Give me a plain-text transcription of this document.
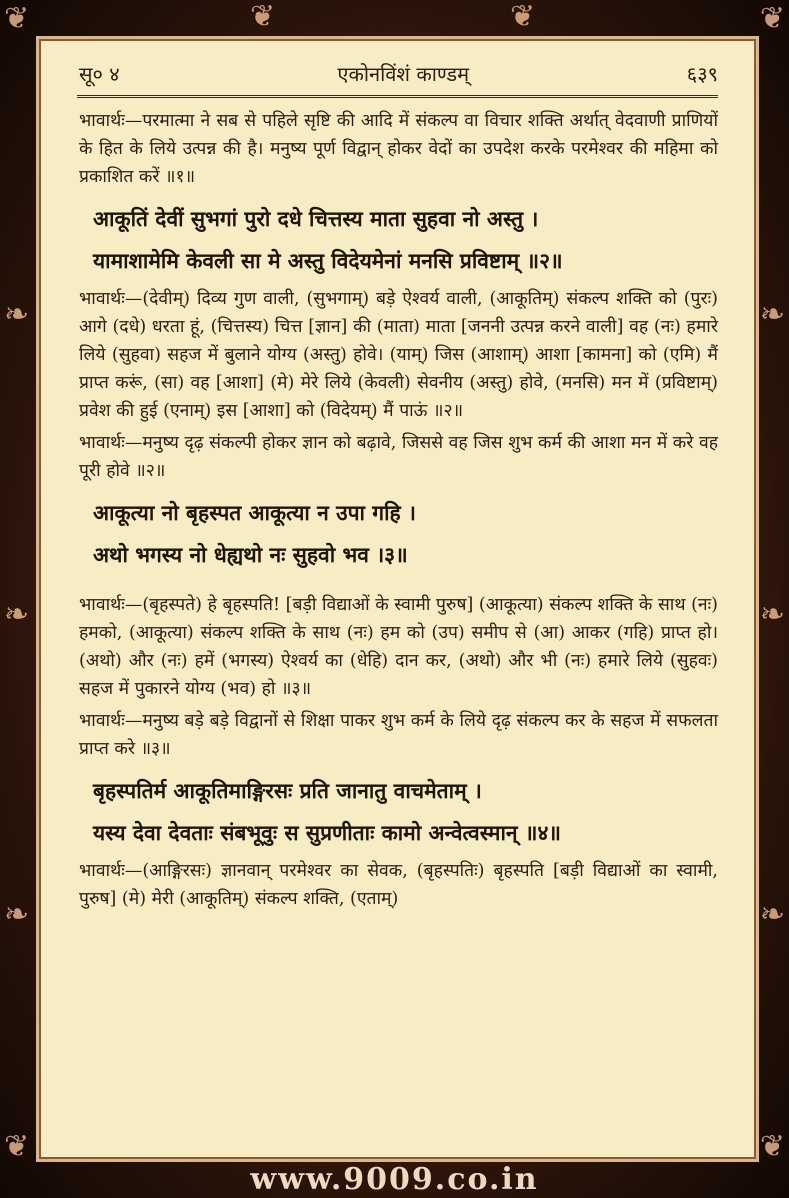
❦	❦
❦	❦
❧
❧
❧
❧
❧
❧
❦	❦
सू० ४	एकोनविंशं काण्डम्	६३९

भावार्थः—परमात्मा ने सब से पहिले सृष्टि की आदि में संकल्प वा विचार शक्ति अर्थात् वेदवाणी प्राणियों के हित के लिये उत्पन्न की है। मनुष्य पूर्ण विद्वान् होकर वेदों का उपदेश करके परमेश्वर की महिमा को प्रकाशित करें ॥१॥

आकूतिं देवीं सुभगां पुरो दधे चित्तस्य माता सुहवा नो अस्तु ।
यामाशामेमि केवली सा मे अस्तु विदेयमेनां मनसि प्रविष्टाम् ॥२॥

भावार्थः—(देवीम्) दिव्य गुण वाली, (सुभगाम्) बड़े ऐश्वर्य वाली, (आकूतिम्) संकल्प शक्ति को (पुरः) आगे (दधे) धरता हूं, (चित्तस्य) चित्त [ज्ञान] की (माता) माता [जननी उत्पन्न करने वाली] वह (नः) हमारे लिये (सुहवा) सहज में बुलाने योग्य (अस्तु) होवे। (याम्) जिस (आशाम्) आशा [कामना] को (एमि) मैं प्राप्त करूं, (सा) वह [आशा] (मे) मेरे लिये (केवली) सेवनीय (अस्तु) होवे, (मनसि) मन में (प्रविष्टाम्) प्रवेश की हुई (एनाम्) इस [आशा] को (विदेयम्) मैं पाऊं ॥२॥

भावार्थः—मनुष्य दृढ़ संकल्पी होकर ज्ञान को बढ़ावे, जिससे वह जिस शुभ कर्म की आशा मन में करे वह पूरी होवे ॥२॥

आकूत्या नो बृहस्पत आकूत्या न उपा गहि ।
अथो भगस्य नो धेह्यथो नः सुहवो भव ।३॥

भावार्थः—(बृहस्पते) हे बृहस्पति! [बड़ी विद्याओं के स्वामी पुरुष] (आकूत्या) संकल्प शक्ति के साथ (नः) हमको, (आकूत्या) संकल्प शक्ति के साथ (नः) हम को (उप) समीप से (आ) आकर (गहि) प्राप्त हो। (अथो) और (नः) हमें (भगस्य) ऐश्वर्य का (धेहि) दान कर, (अथो) और भी (नः) हमारे लिये (सुहवः) सहज में पुकारने योग्य (भव) हो ॥३॥

भावार्थः—मनुष्य बड़े बड़े विद्वानों से शिक्षा पाकर शुभ कर्म के लिये दृढ़ संकल्प कर के सहज में सफलता प्राप्त करे ॥३॥

बृहस्पतिर्म आकूतिमाङ्गिरसः प्रति जानातु वाचमेताम् ।
यस्य देवा देवताः संबभूवुः स सुप्रणीताः कामो अन्वेत्वस्मान् ॥४॥

भावार्थः—(आङ्गिरसः) ज्ञानवान् परमेश्वर का सेवक, (बृहस्पतिः) बृहस्पति [बड़ी विद्याओं का स्वामी, पुरुष] (मे) मेरी (आकूतिम्) संकल्प शक्ति, (एताम्)

www.9009.co.in
